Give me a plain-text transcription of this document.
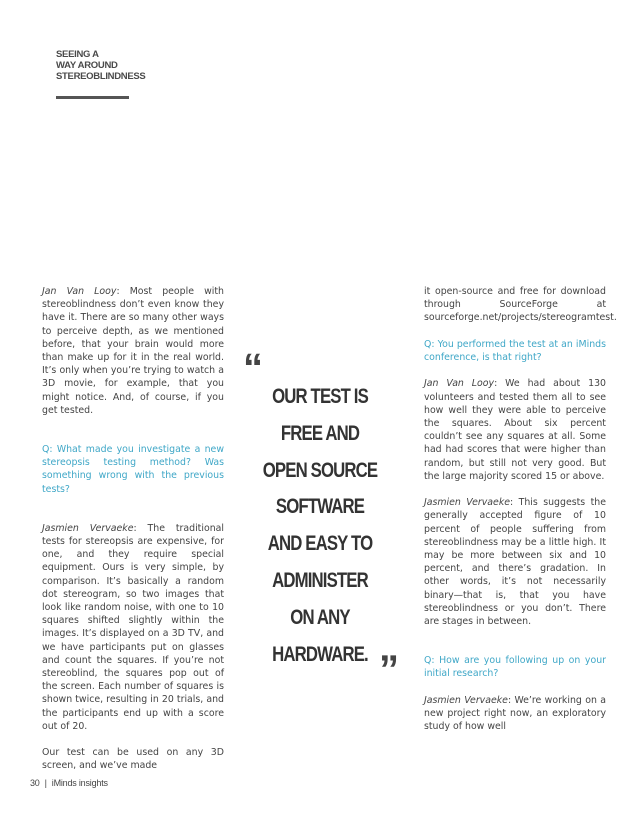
SEEING A
WAY AROUND
STEREOBLINDNESS

Jan Van Looy: Most people with stereoblindness don’t even know they have it. There are so many other ways to perceive depth, as we mentioned before, that your brain would more than make up for it in the real world. It’s only when you’re trying to watch a 3D movie, for example, that you might notice. And, of course, if you get tested.

Q: What made you investigate a new stereopsis testing method? Was something wrong with the previous tests?

Jasmien Vervaeke: The traditional tests for stereopsis are expensive, for one, and they require special equipment. Ours is very simple, by comparison. It’s basically a random dot stereogram, so two images that look like random noise, with one to 10 squares shifted slightly within the images. It’s displayed on a 3D TV, and we have participants put on glasses and count the squares. If you’re not stereoblind, the squares pop out of the screen. Each number of squares is shown twice, resulting in 20 trials, and the participants end up with a score out of 20.

Our test can be used on any 3D screen, and we’ve made

“
OUR TEST IS
FREE AND
OPEN SOURCE
SOFTWARE
AND EASY TO
ADMINISTER
ON ANY
HARDWARE. ”

it open-source and free for download through SourceForge at sourceforge.net/projects/stereogramtest.

Q: You performed the test at an iMinds conference, is that right?

Jan Van Looy: We had about 130 volunteers and tested them all to see how well they were able to perceive the squares. About six percent couldn’t see any squares at all. Some had had scores that were higher than random, but still not very good. But the large majority scored 15 or above.

Jasmien Vervaeke: This suggests the generally accepted figure of 10 percent of people suffering from stereoblindness may be a little high. It may be more between six and 10 percent, and there’s gradation. In other words, it’s not necessarily binary—that is, that you have stereoblindness or you don’t. There are stages in between.

Q: How are you following up on your initial research?

Jasmien Vervaeke: We’re working on a new project right now, an exploratory study of how well

30 | iMinds insights
